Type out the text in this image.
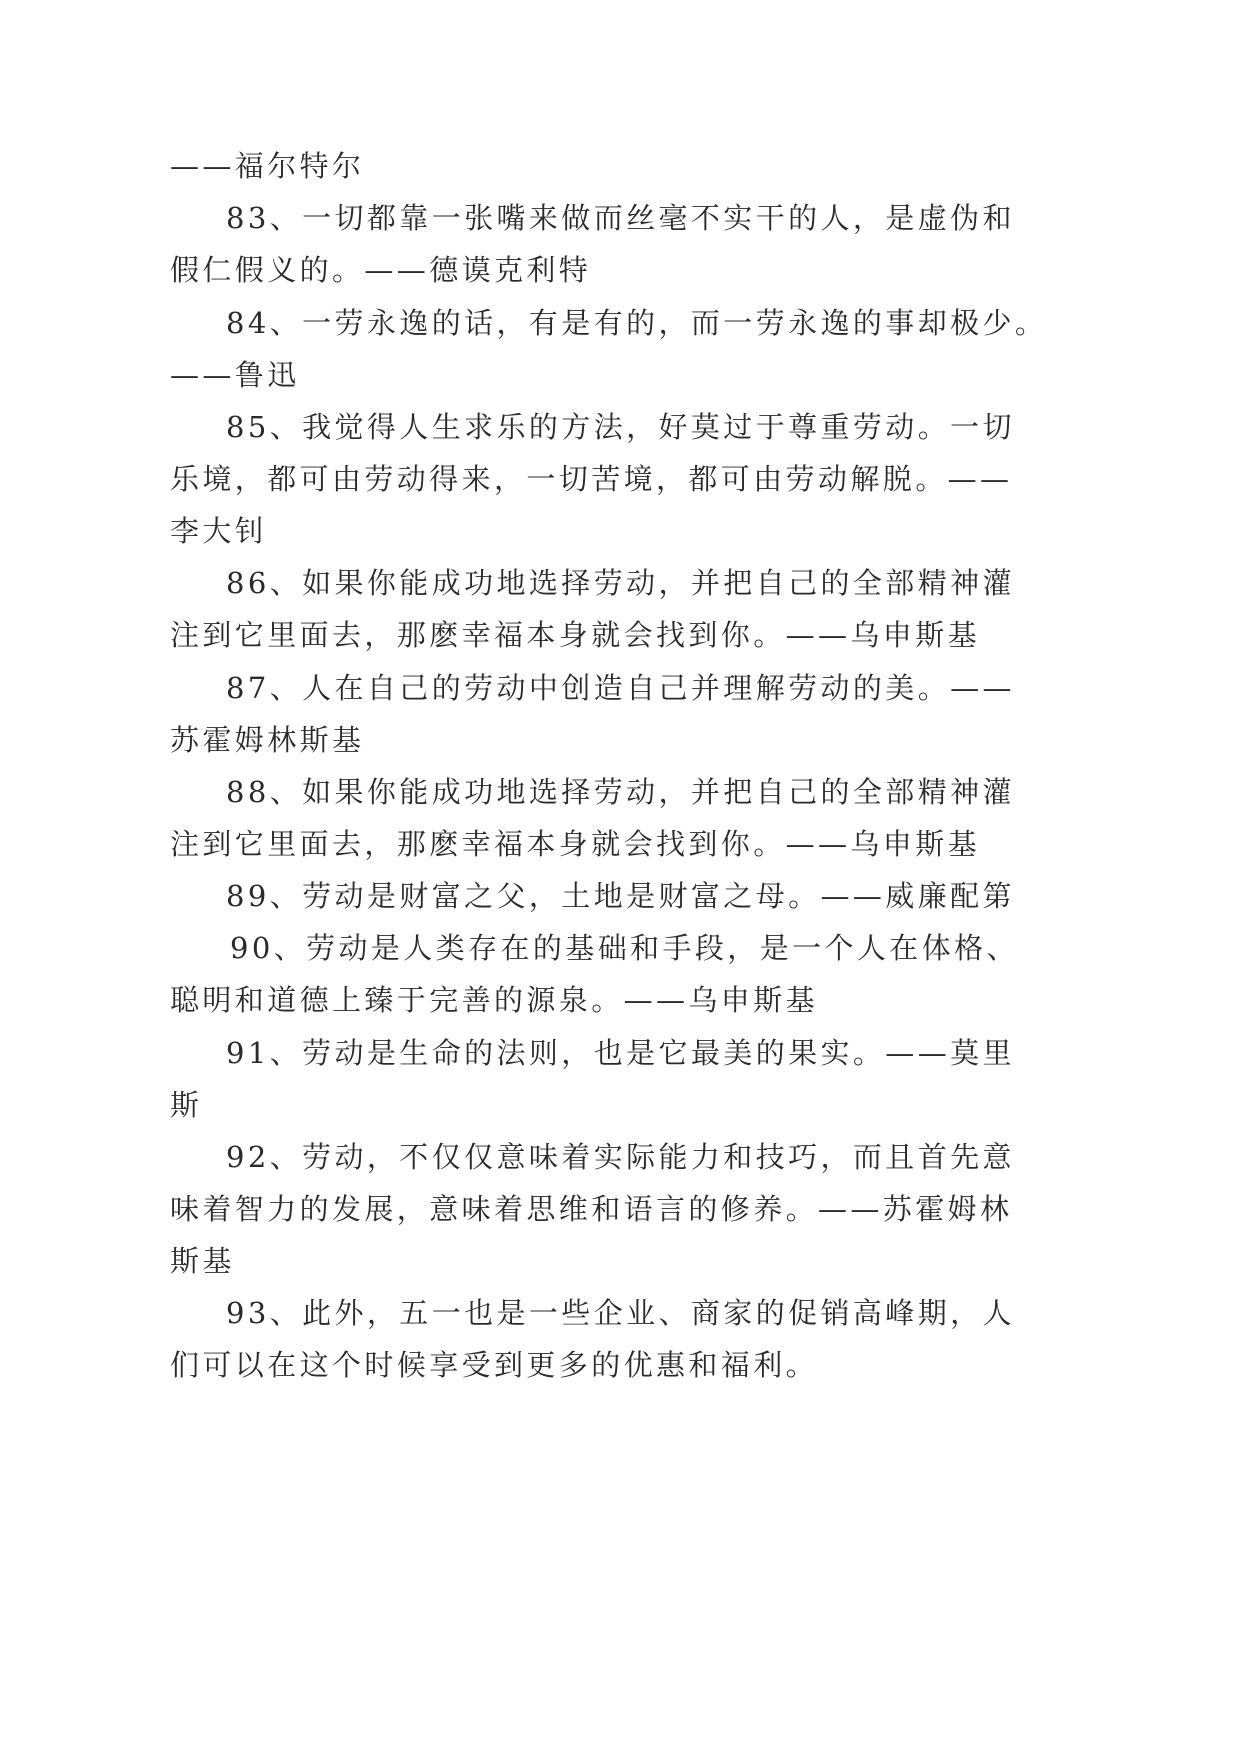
——福尔特尔
83、一切都靠一张嘴来做而丝毫不实干的人，是虚伪和
假仁假义的。——德谟克利特
84、一劳永逸的话，有是有的，而一劳永逸的事却极少。
——鲁迅
85、我觉得人生求乐的方法，好莫过于尊重劳动。一切
乐境，都可由劳动得来，一切苦境，都可由劳动解脱。——
李大钊
86、如果你能成功地选择劳动，并把自己的全部精神灌
注到它里面去，那麽幸福本身就会找到你。——乌申斯基
87、人在自己的劳动中创造自己并理解劳动的美。——
苏霍姆林斯基
88、如果你能成功地选择劳动，并把自己的全部精神灌
注到它里面去，那麽幸福本身就会找到你。——乌申斯基
89、劳动是财富之父，土地是财富之母。——威廉配第
90、劳动是人类存在的基础和手段，是一个人在体格、
聪明和道德上臻于完善的源泉。——乌申斯基
91、劳动是生命的法则，也是它最美的果实。——莫里
斯
92、劳动，不仅仅意味着实际能力和技巧，而且首先意
味着智力的发展，意味着思维和语言的修养。——苏霍姆林
斯基
93、此外，五一也是一些企业、商家的促销高峰期，人
们可以在这个时候享受到更多的优惠和福利。
